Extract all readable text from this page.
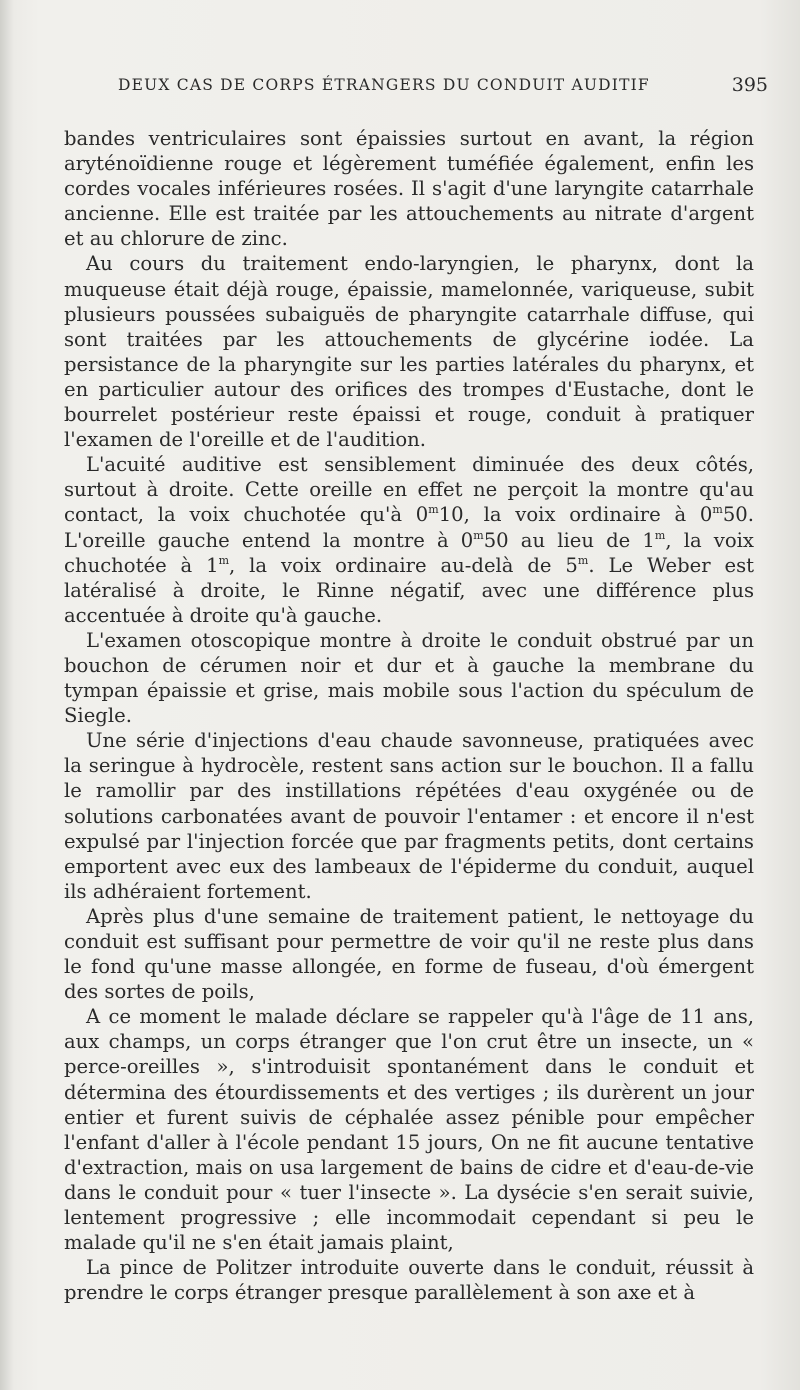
DEUX CAS DE CORPS ÉTRANGERS DU CONDUIT AUDITIF	395

bandes ventriculaires sont épaissies surtout en avant, la région aryténoïdienne rouge et légèrement tuméfiée également, enfin les cordes vocales inférieures rosées. Il s'agit d'une laryngite catarrhale ancienne. Elle est traitée par les attouchements au nitrate d'argent et au chlorure de zinc.

Au cours du traitement endo-laryngien, le pharynx, dont la muqueuse était déjà rouge, épaissie, mamelonnée, variqueuse, subit plusieurs poussées subaiguës de pharyngite catarrhale diffuse, qui sont traitées par les attouchements de glycérine iodée. La persistance de la pharyngite sur les parties latérales du pharynx, et en particulier autour des orifices des trompes d'Eustache, dont le bourrelet postérieur reste épaissi et rouge, conduit à pratiquer l'examen de l'oreille et de l'audition.

L'acuité auditive est sensiblement diminuée des deux côtés, surtout à droite. Cette oreille en effet ne perçoit la montre qu'au contact, la voix chuchotée qu'à 0$^m$10, la voix ordinaire à 0$^m$50. L'oreille gauche entend la montre à 0$^m$50 au lieu de 1$^m$, la voix chuchotée à 1$^m$, la voix ordinaire au-delà de 5$^m$. Le Weber est latéralisé à droite, le Rinne négatif, avec une différence plus accentuée à droite qu'à gauche.

L'examen otoscopique montre à droite le conduit obstrué par un bouchon de cérumen noir et dur et à gauche la membrane du tympan épaissie et grise, mais mobile sous l'action du spéculum de Siegle.

Une série d'injections d'eau chaude savonneuse, pratiquées avec la seringue à hydrocèle, restent sans action sur le bouchon. Il a fallu le ramollir par des instillations répétées d'eau oxygénée ou de solutions carbonatées avant de pouvoir l'entamer : et encore il n'est expulsé par l'injection forcée que par fragments petits, dont certains emportent avec eux des lambeaux de l'épiderme du conduit, auquel ils adhéraient fortement.

Après plus d'une semaine de traitement patient, le nettoyage du conduit est suffisant pour permettre de voir qu'il ne reste plus dans le fond qu'une masse allongée, en forme de fuseau, d'où émergent des sortes de poils,

A ce moment le malade déclare se rappeler qu'à l'âge de 11 ans, aux champs, un corps étranger que l'on crut être un insecte, un « perce-oreilles », s'introduisit spontanément dans le conduit et détermina des étourdissements et des vertiges ; ils durèrent un jour entier et furent suivis de céphalée assez pénible pour empêcher l'enfant d'aller à l'école pendant 15 jours, On ne fit aucune tentative d'extraction, mais on usa largement de bains de cidre et d'eau-de-vie dans le conduit pour « tuer l'insecte ». La dysécie s'en serait suivie, lentement progressive ; elle incommodait cependant si peu le malade qu'il ne s'en était jamais plaint,

La pince de Politzer introduite ouverte dans le conduit, réussit à prendre le corps étranger presque parallèlement à son axe et à
